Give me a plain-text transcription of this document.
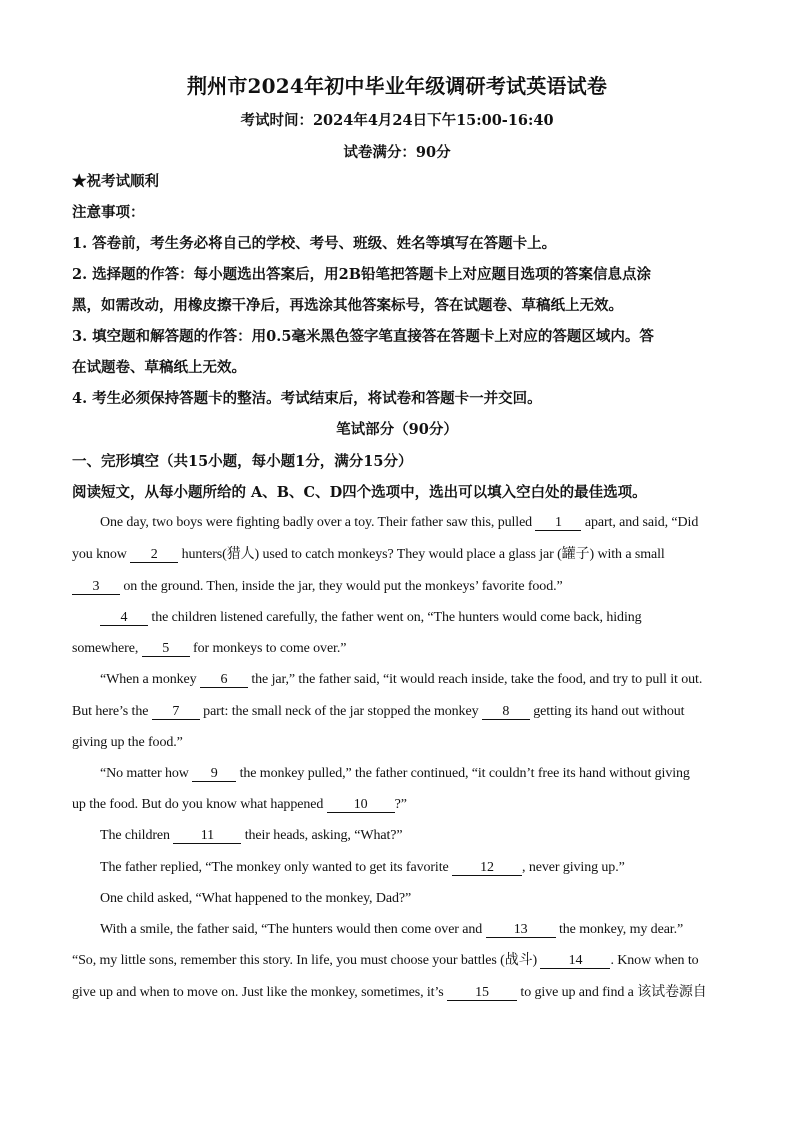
荆州市2024年初中毕业年级调研考试英语试卷
考试时间：2024年4月24日下午15:00-16:40
试卷满分：90分
★祝考试顺利
注意事项：
1. 答卷前，考生务必将自己的学校、考号、班级、姓名等填写在答题卡上。
2. 选择题的作答：每小题选出答案后，用2B铅笔把答题卡上对应题目选项的答案信息点涂
黑，如需改动，用橡皮擦干净后，再选涂其他答案标号，答在试题卷、草稿纸上无效。
3. 填空题和解答题的作答：用0.5毫米黑色签字笔直接答在答题卡上对应的答题区域内。答
在试题卷、草稿纸上无效。
4. 考生必须保持答题卡的整洁。考试结束后，将试卷和答题卡一并交回。
笔试部分（90分）
一、完形填空（共15小题，每小题1分，满分15分）
阅读短文，从每小题所给的 A、B、C、D四个选项中，选出可以填入空白处的最佳选项。
One day, two boys were fighting badly over a toy. Their father saw this, pulled 1 apart, and said, “Did
you know 2 hunters(猎人) used to catch monkeys? They would place a glass jar (罐子) with a small
3 on the ground. Then, inside the jar, they would put the monkeys’ favorite food.”
4 the children listened carefully, the father went on, “The hunters would come back, hiding
somewhere, 5 for monkeys to come over.”
“When a monkey 6 the jar,” the father said, “it would reach inside, take the food, and try to pull it out.
But here’s the 7 part: the small neck of the jar stopped the monkey 8 getting its hand out without
giving up the food.”
“No matter how 9 the monkey pulled,” the father continued, “it couldn’t free its hand without giving
up the food. But do you know what happened 10 ?”
The children 11 their heads, asking, “What?”
The father replied, “The monkey only wanted to get its favorite 12 , never giving up.”
One child asked, “What happened to the monkey, Dad?”
With a smile, the father said, “The hunters would then come over and 13 the monkey, my dear.”
“So, my little sons, remember this story. In life, you must choose your battles (战斗) 14 . Know when to
give up and when to move on. Just like the monkey, sometimes, it’s 15 to give up and find a 该试卷源自
